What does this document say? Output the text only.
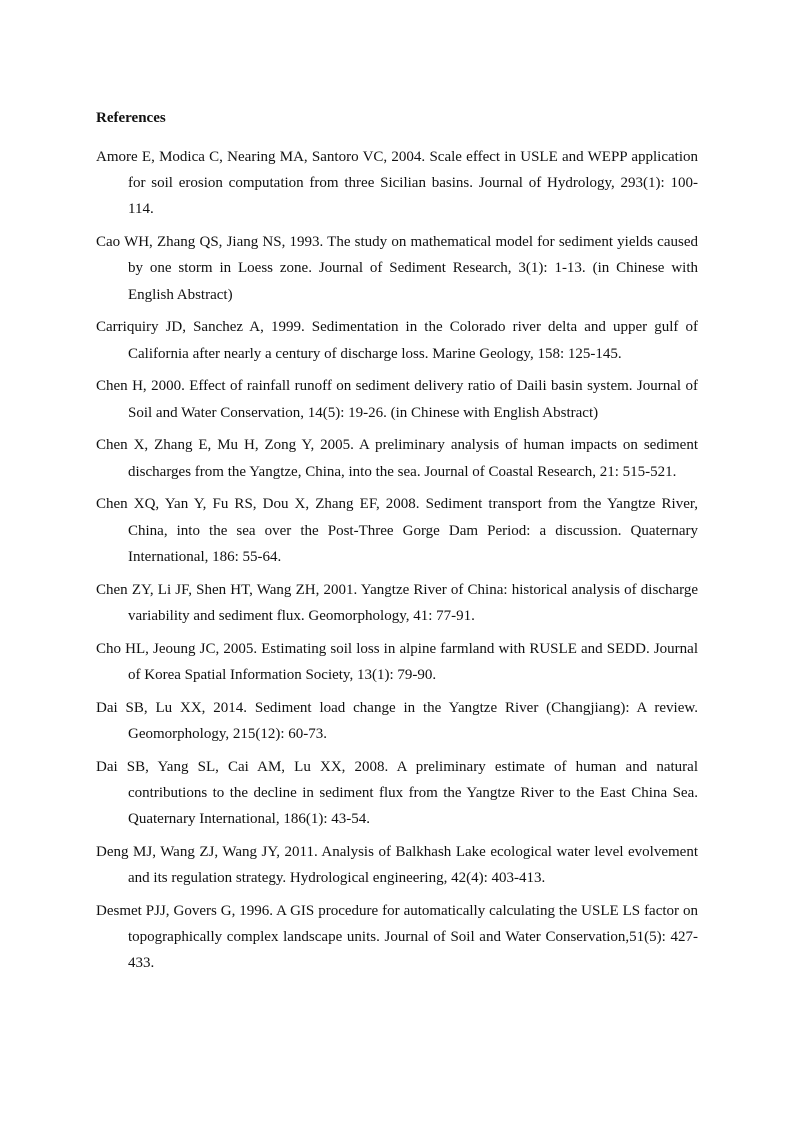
References
Amore E, Modica C, Nearing MA, Santoro VC, 2004. Scale effect in USLE and WEPP application for soil erosion computation from three Sicilian basins. Journal of Hydrology, 293(1): 100-114.
Cao WH, Zhang QS, Jiang NS, 1993. The study on mathematical model for sediment yields caused by one storm in Loess zone. Journal of Sediment Research, 3(1): 1-13. (in Chinese with English Abstract)
Carriquiry JD, Sanchez A, 1999. Sedimentation in the Colorado river delta and upper gulf of California after nearly a century of discharge loss. Marine Geology, 158: 125-145.
Chen H, 2000. Effect of rainfall runoff on sediment delivery ratio of Daili basin system. Journal of Soil and Water Conservation, 14(5): 19-26. (in Chinese with English Abstract)
Chen X, Zhang E, Mu H, Zong Y, 2005. A preliminary analysis of human impacts on sediment discharges from the Yangtze, China, into the sea. Journal of Coastal Research, 21: 515-521.
Chen XQ, Yan Y, Fu RS, Dou X, Zhang EF, 2008. Sediment transport from the Yangtze River, China, into the sea over the Post-Three Gorge Dam Period: a discussion. Quaternary International, 186: 55-64.
Chen ZY, Li JF, Shen HT, Wang ZH, 2001. Yangtze River of China: historical analysis of discharge variability and sediment flux. Geomorphology, 41: 77-91.
Cho HL, Jeoung JC, 2005. Estimating soil loss in alpine farmland with RUSLE and SEDD. Journal of Korea Spatial Information Society, 13(1): 79-90.
Dai SB, Lu XX, 2014. Sediment load change in the Yangtze River (Changjiang): A review. Geomorphology, 215(12): 60-73.
Dai SB, Yang SL, Cai AM, Lu XX, 2008. A preliminary estimate of human and natural contributions to the decline in sediment flux from the Yangtze River to the East China Sea. Quaternary International, 186(1): 43-54.
Deng MJ, Wang ZJ, Wang JY, 2011. Analysis of Balkhash Lake ecological water level evolvement and its regulation strategy. Hydrological engineering, 42(4): 403-413.
Desmet PJJ, Govers G, 1996. A GIS procedure for automatically calculating the USLE LS factor on topographically complex landscape units. Journal of Soil and Water Conservation,51(5): 427- 433.
